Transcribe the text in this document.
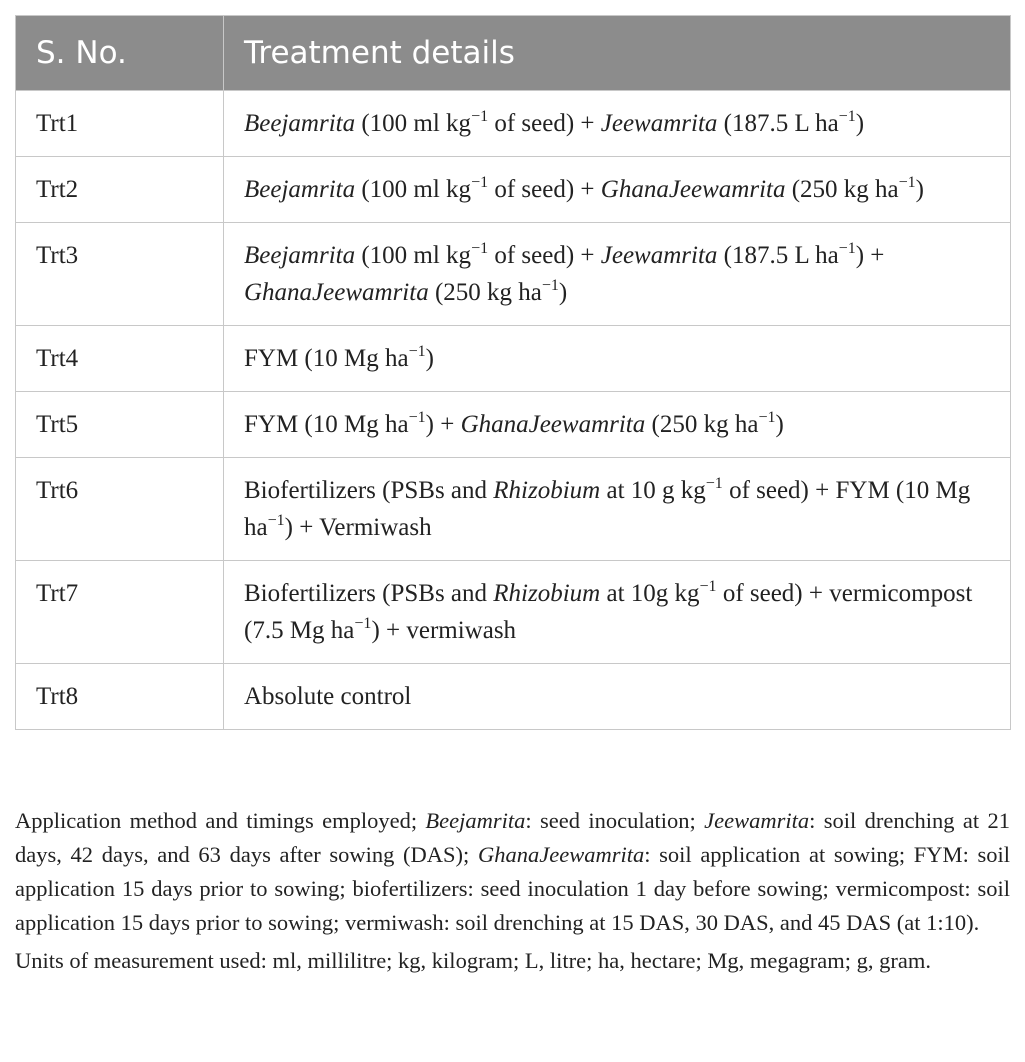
S. No.	Treatment details
Trt1	Beejamrita (100 ml $kg^{-1}$ of seed) + Jeewamrita (187.5 L $ha^{-1}$)
Trt2	Beejamrita (100 ml $kg^{-1}$ of seed) + GhanaJeewamrita (250 kg $ha^{-1}$)
Trt3	Beejamrita (100 ml $kg^{-1}$ of seed) + Jeewamrita (187.5 L $ha^{-1}$) + GhanaJeewamrita (250 kg $ha^{-1}$)
Trt4	FYM (10 Mg $ha^{-1}$)
Trt5	FYM (10 Mg $ha^{-1}$) + GhanaJeewamrita (250 kg $ha^{-1}$)
Trt6	Biofertilizers (PSBs and Rhizobium at 10 g $kg^{-1}$ of seed) + FYM (10 Mg $ha^{-1}$) + Vermiwash
Trt7	Biofertilizers (PSBs and Rhizobium at 10g $kg^{-1}$ of seed) + vermicompost (7.5 Mg $ha^{-1}$) + vermiwash
Trt8	Absolute control

Application method and timings employed; Beejamrita: seed inoculation; Jeewamrita: soil drenching at 21 days, 42 days, and 63 days after sowing (DAS); GhanaJeewamrita: soil application at sowing; FYM: soil application 15 days prior to sowing; biofertilizers: seed inoculation 1 day before sowing; vermicompost: soil application 15 days prior to sowing; vermiwash: soil drenching at 15 DAS, 30 DAS, and 45 DAS (at 1:10).

Units of measurement used: ml, millilitre; kg, kilogram; L, litre; ha, hectare; Mg, megagram; g, gram.
